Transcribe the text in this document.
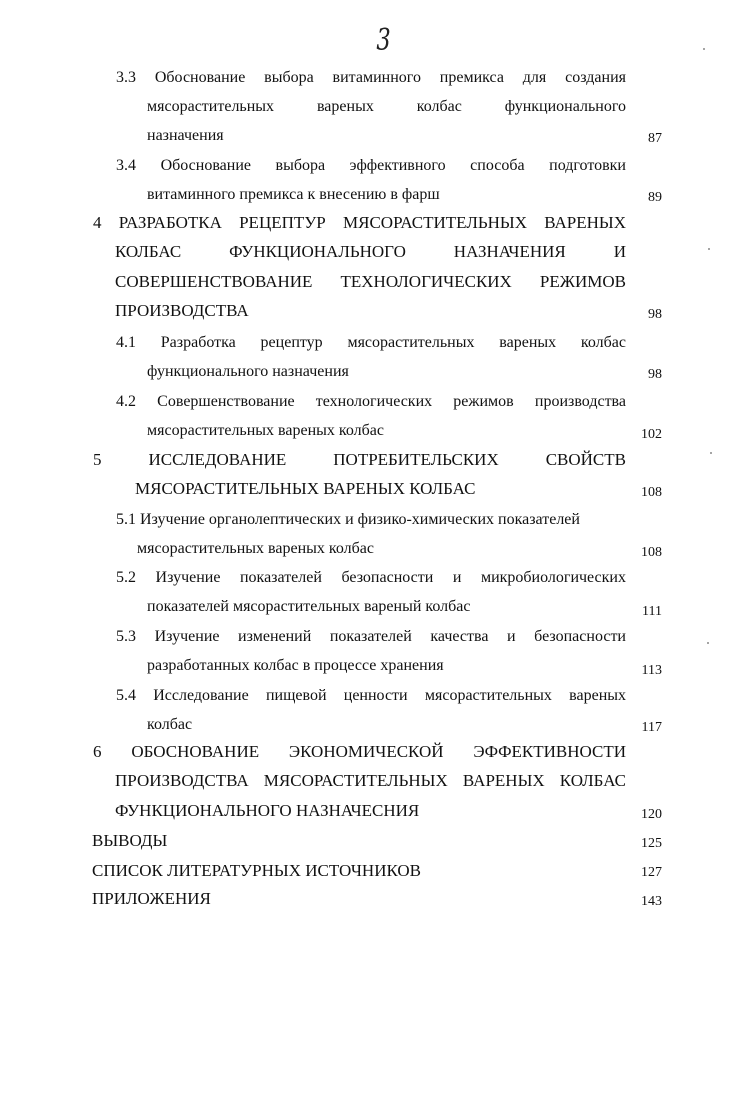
3
3.3 Обоснование выбора витаминного премикса для создания
мясорастительных вареных колбас функционального
назначения	87
3.4 Обоснование выбора эффективного способа подготовки
витаминного премикса к внесению в фарш	89
4 РАЗРАБОТКА РЕЦЕПТУР МЯСОРАСТИТЕЛЬНЫХ ВАРЕНЫХ
КОЛБАС ФУНКЦИОНАЛЬНОГО НАЗНАЧЕНИЯ И
СОВЕРШЕНСТВОВАНИЕ ТЕХНОЛОГИЧЕСКИХ РЕЖИМОВ
ПРОИЗВОДСТВА	98
4.1 Разработка рецептур мясорастительных вареных колбас
функционального назначения	98
4.2 Совершенствование технологических режимов производства
мясорастительных вареных колбас	102
5 ИССЛЕДОВАНИЕ ПОТРЕБИТЕЛЬСКИХ СВОЙСТВ
МЯСОРАСТИТЕЛЬНЫХ ВАРЕНЫХ КОЛБАС	108
5.1 Изучение органолептических и физико-химических показателей
мясорастительных вареных колбас	108
5.2 Изучение показателей безопасности и микробиологических
показателей мясорастительных вареный колбас	111
5.3 Изучение изменений показателей качества и безопасности
разработанных колбас в процессе хранения	113
5.4 Исследование пищевой ценности мясорастительных вареных
колбас	117
6 ОБОСНОВАНИЕ ЭКОНОМИЧЕСКОЙ ЭФФЕКТИВНОСТИ
ПРОИЗВОДСТВА МЯСОРАСТИТЕЛЬНЫХ ВАРЕНЫХ КОЛБАС
ФУНКЦИОНАЛЬНОГО НАЗНАЧЕСНИЯ	120
ВЫВОДЫ	125
СПИСОК ЛИТЕРАТУРНЫХ ИСТОЧНИКОВ	127
ПРИЛОЖЕНИЯ	143
